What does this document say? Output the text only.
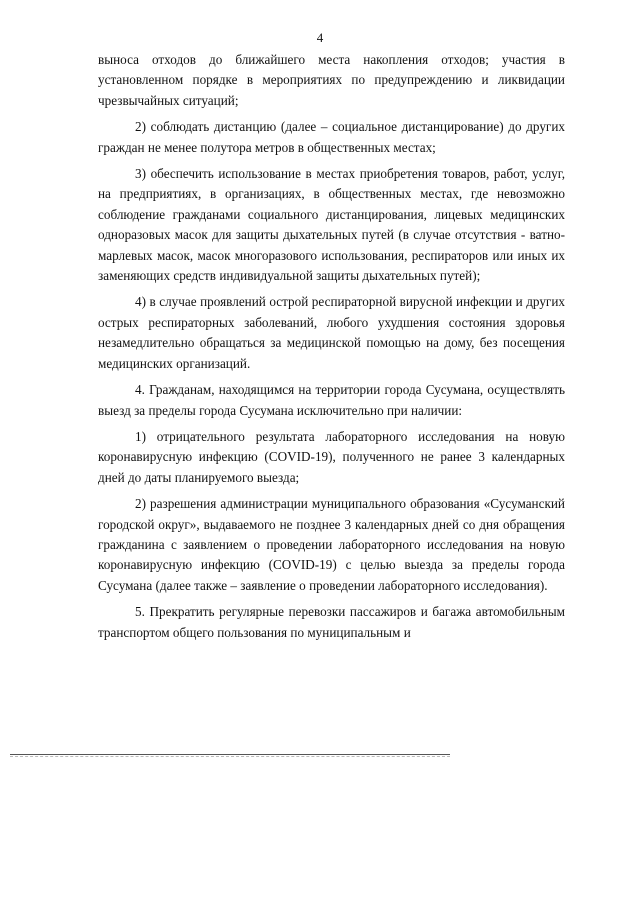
4

выноса отходов до ближайшего места накопления отходов; участия в установленном порядке в мероприятиях по предупреждению и ликвидации чрезвычайных ситуаций;

2) соблюдать дистанцию (далее – социальное дистанцирование) до других граждан не менее полутора метров в общественных местах;

3) обеспечить использование в местах приобретения товаров, работ, услуг, на предприятиях, в организациях, в общественных местах, где невозможно соблюдение гражданами социального дистанцирования, лицевых медицинских одноразовых масок для защиты дыхательных путей (в случае отсутствия - ватно-марлевых масок, масок многоразового использования, респираторов или иных их заменяющих средств индивидуальной защиты дыхательных путей);

4) в случае проявлений острой респираторной вирусной инфекции и других острых респираторных заболеваний, любого ухудшения состояния здоровья незамедлительно обращаться за медицинской помощью на дому, без посещения медицинских организаций.

4. Гражданам, находящимся на территории города Сусумана, осуществлять выезд за пределы города Сусумана исключительно при наличии:

1) отрицательного результата лабораторного исследования на новую коронавирусную инфекцию (COVID-19), полученного не ранее 3 календарных дней до даты планируемого выезда;

2) разрешения администрации муниципального образования «Сусуманский городской округ», выдаваемого не позднее 3 календарных дней со дня обращения гражданина с заявлением о проведении лабораторного исследования на новую коронавирусную инфекцию (COVID-19) с целью выезда за пределы города Сусумана (далее также – заявление о проведении лабораторного исследования).

5. Прекратить регулярные перевозки пассажиров и багажа автомобильным транспортом общего пользования по муниципальным и
